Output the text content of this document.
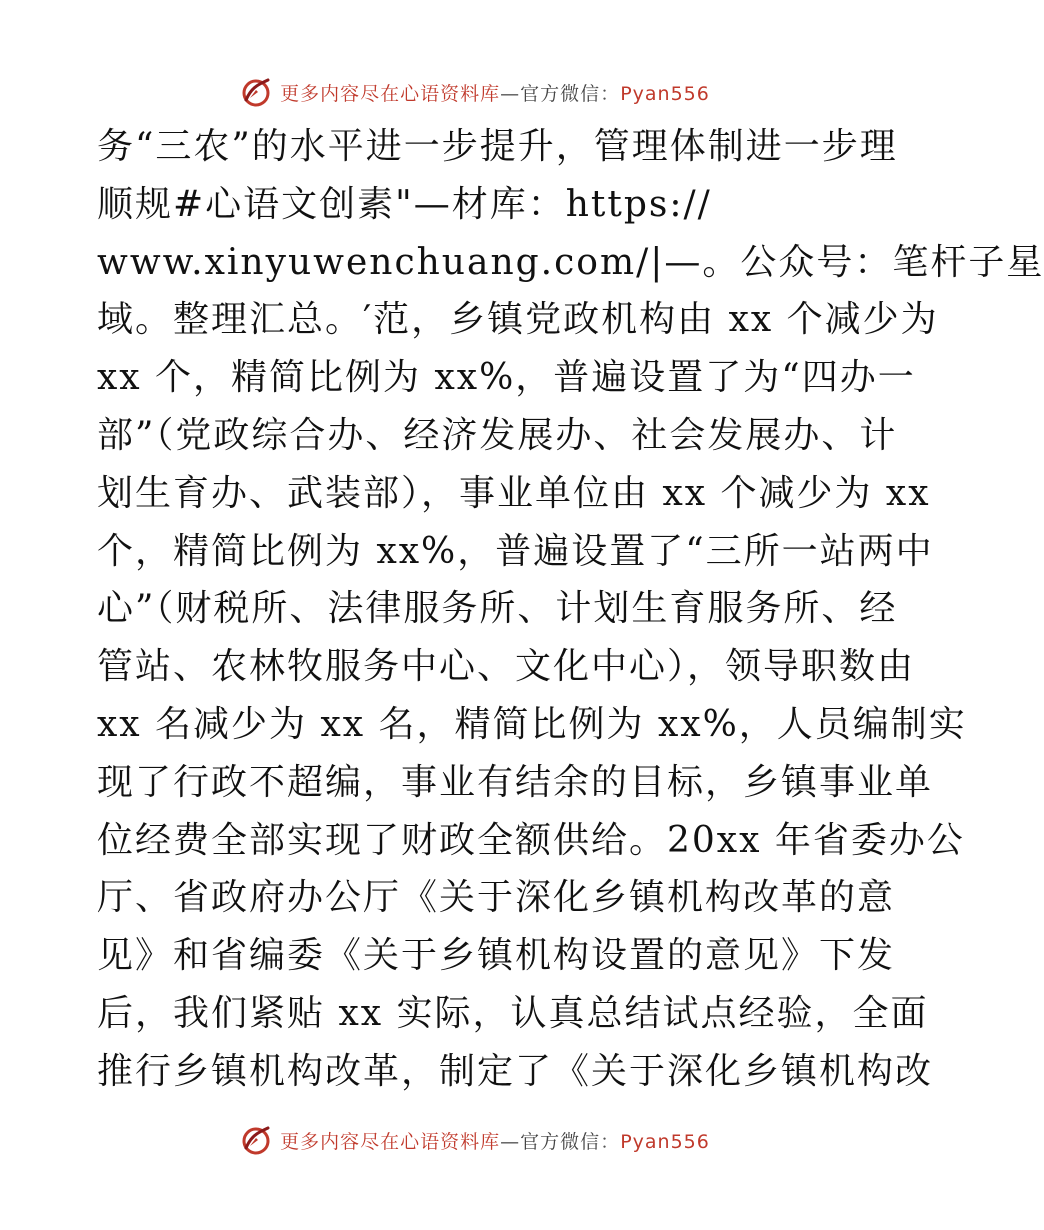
更多内容尽在心语资料库—官方微信：Pyan556
务“三农”的水平进一步提升，管理体制进一步理
顺规#心语文创素"—材库：https://
www.xinyuwenchuang.com/|—。公众号：笔杆子星
域。整理汇总。′范，乡镇党政机构由 xx 个减少为
xx 个，精简比例为 xx%，普遍设置了为“四办一
部”（党政综合办、经济发展办、社会发展办、计
划生育办、武装部），事业单位由 xx 个减少为 xx
个，精简比例为 xx%，普遍设置了“三所一站两中
心”（财税所、法律服务所、计划生育服务所、经
管站、农林牧服务中心、文化中心），领导职数由
xx 名减少为 xx 名，精简比例为 xx%，人员编制实
现了行政不超编，事业有结余的目标，乡镇事业单
位经费全部实现了财政全额供给。20xx 年省委办公
厅、省政府办公厅《关于深化乡镇机构改革的意
见》和省编委《关于乡镇机构设置的意见》下发
后，我们紧贴 xx 实际，认真总结试点经验，全面
推行乡镇机构改革，制定了《关于深化乡镇机构改
更多内容尽在心语资料库—官方微信：Pyan556
